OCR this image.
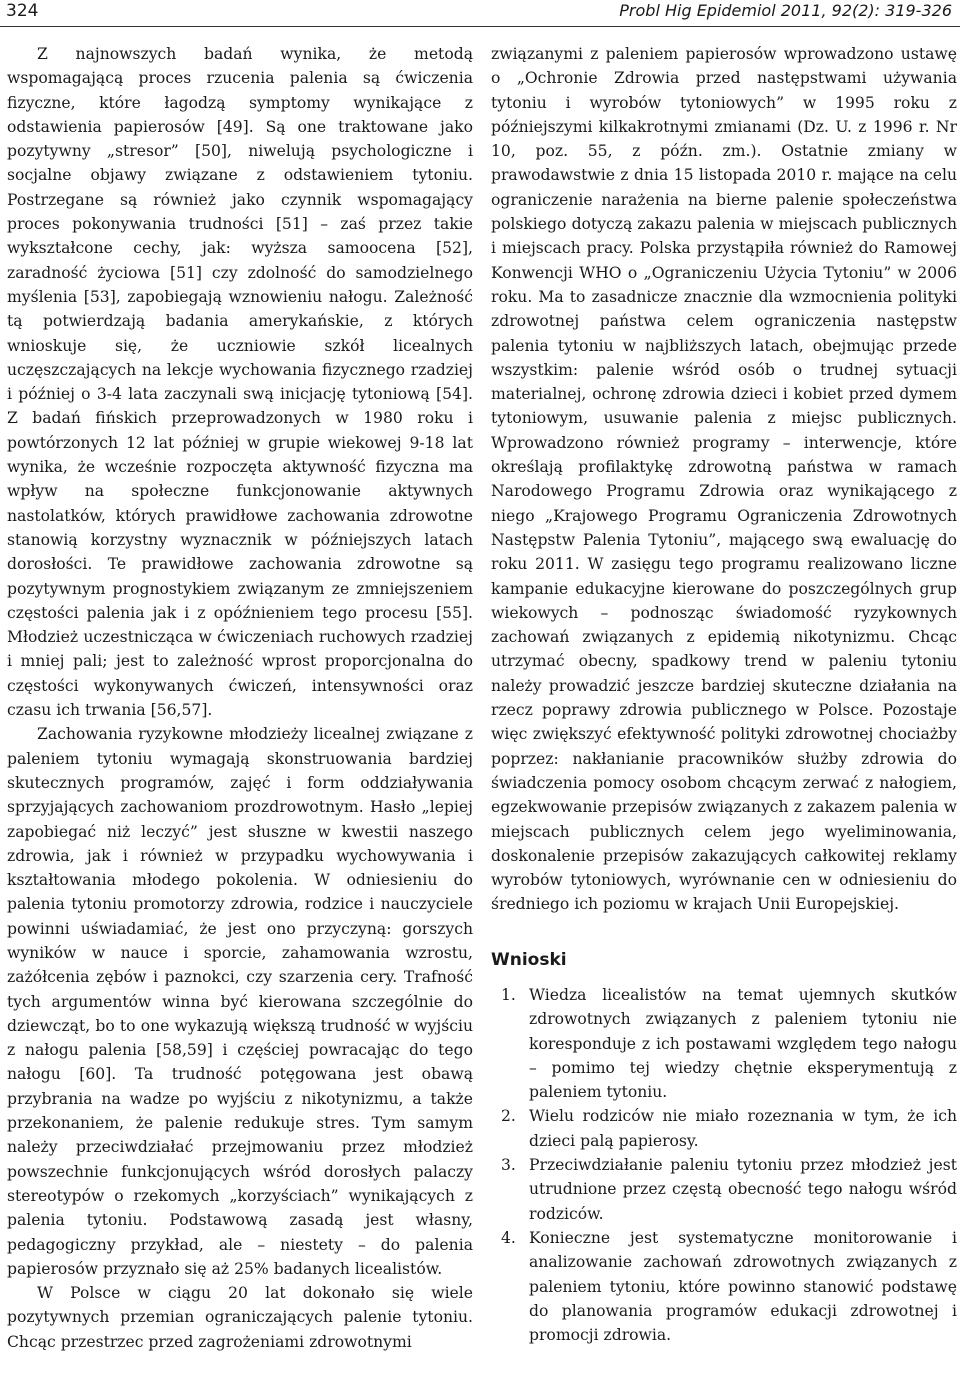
324	Probl Hig Epidemiol 2011, 92(2): 319-326

Z najnowszych badań wynika, że metodą wspomagającą proces rzucenia palenia są ćwiczenia fizyczne, które łagodzą symptomy wynikające z odstawienia papierosów [49]. Są one traktowane jako pozytywny „stresor” [50], niwelują psychologiczne i socjalne objawy związane z odstawieniem tytoniu. Postrzegane są również jako czynnik wspomagający proces pokonywania trudności [51] – zaś przez takie wykształcone cechy, jak: wyższa samoocena [52], zaradność życiowa [51] czy zdolność do samodzielnego myślenia [53], zapobiegają wznowieniu nałogu. Zależność tą potwierdzają badania amerykańskie, z których wnioskuje się, że uczniowie szkół licealnych uczęszczających na lekcje wychowania fizycznego rzadziej i później o 3-4 lata zaczynali swą inicjację tytoniową [54]. Z badań fińskich przeprowadzonych w 1980 roku i powtórzonych 12 lat później w grupie wiekowej 9-18 lat wynika, że wcześnie rozpoczęta aktywność fizyczna ma wpływ na społeczne funkcjonowanie aktywnych nastolatków, których prawidłowe zachowania zdrowotne stanowią korzystny wyznacznik w późniejszych latach dorosłości. Te prawidłowe zachowania zdrowotne są pozytywnym prognostykiem związanym ze zmniejszeniem częstości palenia jak i z opóźnieniem tego procesu [55]. Młodzież uczestnicząca w ćwiczeniach ruchowych rzadziej i mniej pali; jest to zależność wprost proporcjonalna do częstości wykonywanych ćwiczeń, intensywności oraz czasu ich trwania [56,57].

Zachowania ryzykowne młodzieży licealnej związane z paleniem tytoniu wymagają skonstruowania bardziej skutecznych programów, zajęć i form oddziaływania sprzyjających zachowaniom prozdrowotnym. Hasło „lepiej zapobiegać niż leczyć” jest słuszne w kwestii naszego zdrowia, jak i również w przypadku wychowywania i kształtowania młodego pokolenia. W odniesieniu do palenia tytoniu promotorzy zdrowia, rodzice i nauczyciele powinni uświadamiać, że jest ono przyczyną: gorszych wyników w nauce i sporcie, zahamowania wzrostu, zażółcenia zębów i paznokci, czy szarzenia cery. Trafność tych argumentów winna być kierowana szczególnie do dziewcząt, bo to one wykazują większą trudność w wyjściu z nałogu palenia [58,59] i częściej powracając do tego nałogu [60]. Ta trudność potęgowana jest obawą przybrania na wadze po wyjściu z nikotynizmu, a także przekonaniem, że palenie redukuje stres. Tym samym należy przeciwdziałać przejmowaniu przez młodzież powszechnie funkcjonujących wśród dorosłych palaczy stereotypów o rzekomych „korzyściach” wynikających z palenia tytoniu. Podstawową zasadą jest własny, pedagogiczny przykład, ale – niestety – do palenia papierosów przyznało się aż 25% badanych licealistów.

W Polsce w ciągu 20 lat dokonało się wiele pozytywnych przemian ograniczających palenie tytoniu. Chcąc przestrzec przed zagrożeniami zdrowotnymi

związanymi z paleniem papierosów wprowadzono ustawę o „Ochronie Zdrowia przed następstwami używania tytoniu i wyrobów tytoniowych” w 1995 roku z późniejszymi kilkakrotnymi zmianami (Dz. U. z 1996 r. Nr 10, poz. 55, z późn. zm.). Ostatnie zmiany w prawodawstwie z dnia 15 listopada 2010 r. mające na celu ograniczenie narażenia na bierne palenie społeczeństwa polskiego dotyczą zakazu palenia w miejscach publicznych i miejscach pracy. Polska przystąpiła również do Ramowej Konwencji WHO o „Ograniczeniu Użycia Tytoniu” w 2006 roku. Ma to zasadnicze znacznie dla wzmocnienia polityki zdrowotnej państwa celem ograniczenia następstw palenia tytoniu w najbliższych latach, obejmując przede wszystkim: palenie wśród osób o trudnej sytuacji materialnej, ochronę zdrowia dzieci i kobiet przed dymem tytoniowym, usuwanie palenia z miejsc publicznych. Wprowadzono również programy – interwencje, które określają profilaktykę zdrowotną państwa w ramach Narodowego Programu Zdrowia oraz wynikającego z niego „Krajowego Programu Ograniczenia Zdrowotnych Następstw Palenia Tytoniu”, mającego swą ewaluację do roku 2011. W zasięgu tego programu realizowano liczne kampanie edukacyjne kierowane do poszczególnych grup wiekowych – podnosząc świadomość ryzykownych zachowań związanych z epidemią nikotynizmu. Chcąc utrzymać obecny, spadkowy trend w paleniu tytoniu należy prowadzić jeszcze bardziej skuteczne działania na rzecz poprawy zdrowia publicznego w Polsce. Pozostaje więc zwiększyć efektywność polityki zdrowotnej chociażby poprzez: nakłanianie pracowników służby zdrowia do świadczenia pomocy osobom chcącym zerwać z nałogiem, egzekwowanie przepisów związanych z zakazem palenia w miejscach publicznych celem jego wyeliminowania, doskonalenie przepisów zakazujących całkowitej reklamy wyrobów tytoniowych, wyrównanie cen w odniesieniu do średniego ich poziomu w krajach Unii Europejskiej.

Wnioski
1. Wiedza licealistów na temat ujemnych skutków zdrowotnych związanych z paleniem tytoniu nie koresponduje z ich postawami względem tego nałogu – pomimo tej wiedzy chętnie eksperymentują z paleniem tytoniu.
2. Wielu rodziców nie miało rozeznania w tym, że ich dzieci palą papierosy.
3. Przeciwdziałanie paleniu tytoniu przez młodzież jest utrudnione przez częstą obecność tego nałogu wśród rodziców.
4. Konieczne jest systematyczne monitorowanie i analizowanie zachowań zdrowotnych związanych z paleniem tytoniu, które powinno stanowić podstawę do planowania programów edukacji zdrowotnej i promocji zdrowia.
